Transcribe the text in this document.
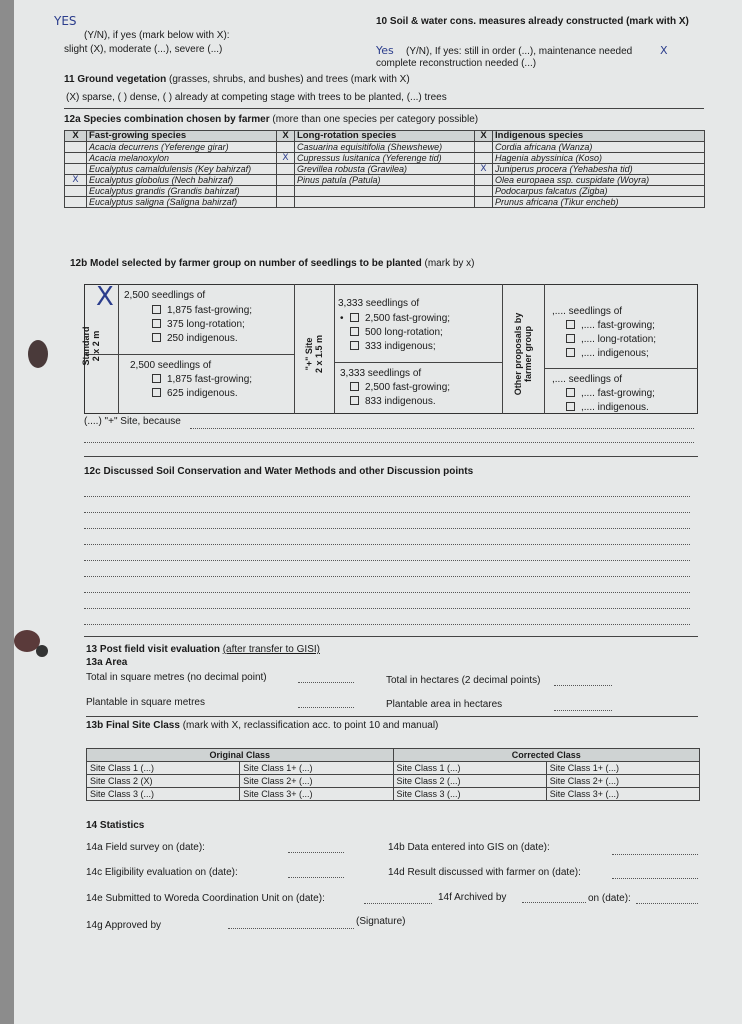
YES
(Y/N), if yes (mark below with X):
slight (X), moderate (...), severe (...)
10 Soil & water cons. measures already constructed (mark with X)
Yes (Y/N), If yes: still in order (...), maintenance needed	X
complete reconstruction needed (...)
11 Ground vegetation (grasses, shrubs, and bushes) and trees (mark with X)
(X) sparse, ( ) dense, ( ) already at competing stage with trees to be planted, (...) trees
12a Species combination chosen by farmer (more than one species per category possible)
X	Fast-growing species	X	Long-rotation species	X	Indigenous species
	Acacia decurrens (Yeferenge girar)		Casuarina equisitifolia (Shewshewe)		Cordia africana (Wanza)
	Acacia melanoxylon	X	Cupressus lusitanica (Yeferenge tid)		Hagenia abyssinica (Koso)
	Eucalyptus camaldulensis (Key bahirzaf)		Grevillea robusta (Gravilea)	X	Juniperus procera (Yehabesha tid)
X	Eucalyptus globolus (Nech bahirzaf)		Pinus patula (Patula)		Olea europaea ssp. cuspidate (Woyra)
	Eucalyptus grandis (Grandis bahirzaf)				Podocarpus falcatus (Zigba)
	Eucalyptus saligna (Saligna bahirzaf)				Prunus africana (Tikur encheb)
12b Model selected by farmer group on number of seedlings to be planted (mark by x)
Standard
2 x 2 m	"+" Site
2 x 1.5 m	Other proposals by
farmer group
X 2,500 seedlings of
1,875 fast-growing;
375 long-rotation;
250 indigenous.
2,500 seedlings of
1,875 fast-growing;
625 indigenous.
3,333 seedlings of
• 2,500 fast-growing;
500 long-rotation;
333 indigenous;
3,333 seedlings of
2,500 fast-growing;
833 indigenous.
,.... seedlings of
,.... fast-growing;
,.... long-rotation;
,.... indigenous;
,.... seedlings of
,.... fast-growing;
,.... indigenous.
(....) "+" Site, because
12c Discussed Soil Conservation and Water Methods and other Discussion points
13 Post field visit evaluation (after transfer to GISI)
13a Area
Total in square metres (no decimal point)	Total in hectares (2 decimal points)
Plantable in square metres	Plantable area in hectares
13b Final Site Class (mark with X, reclassification acc. to point 10 and manual)
Original Class		Corrected Class	
Site Class 1 (...)	Site Class 1+ (...)	Site Class 1 (...)	Site Class 1+ (...)
Site Class 2 (X)	Site Class 2+ (...)	Site Class 2 (...)	Site Class 2+ (...)
Site Class 3 (...)	Site Class 3+ (...)	Site Class 3 (...)	Site Class 3+ (...)
14 Statistics
14a Field survey on (date):	14b Data entered into GIS on (date):
14c Eligibility evaluation on (date):	14d Result discussed with farmer on (date):
14e Submitted to Woreda Coordination Unit on (date):	14f Archived by	on (date):
14g Approved by	(Signature)
